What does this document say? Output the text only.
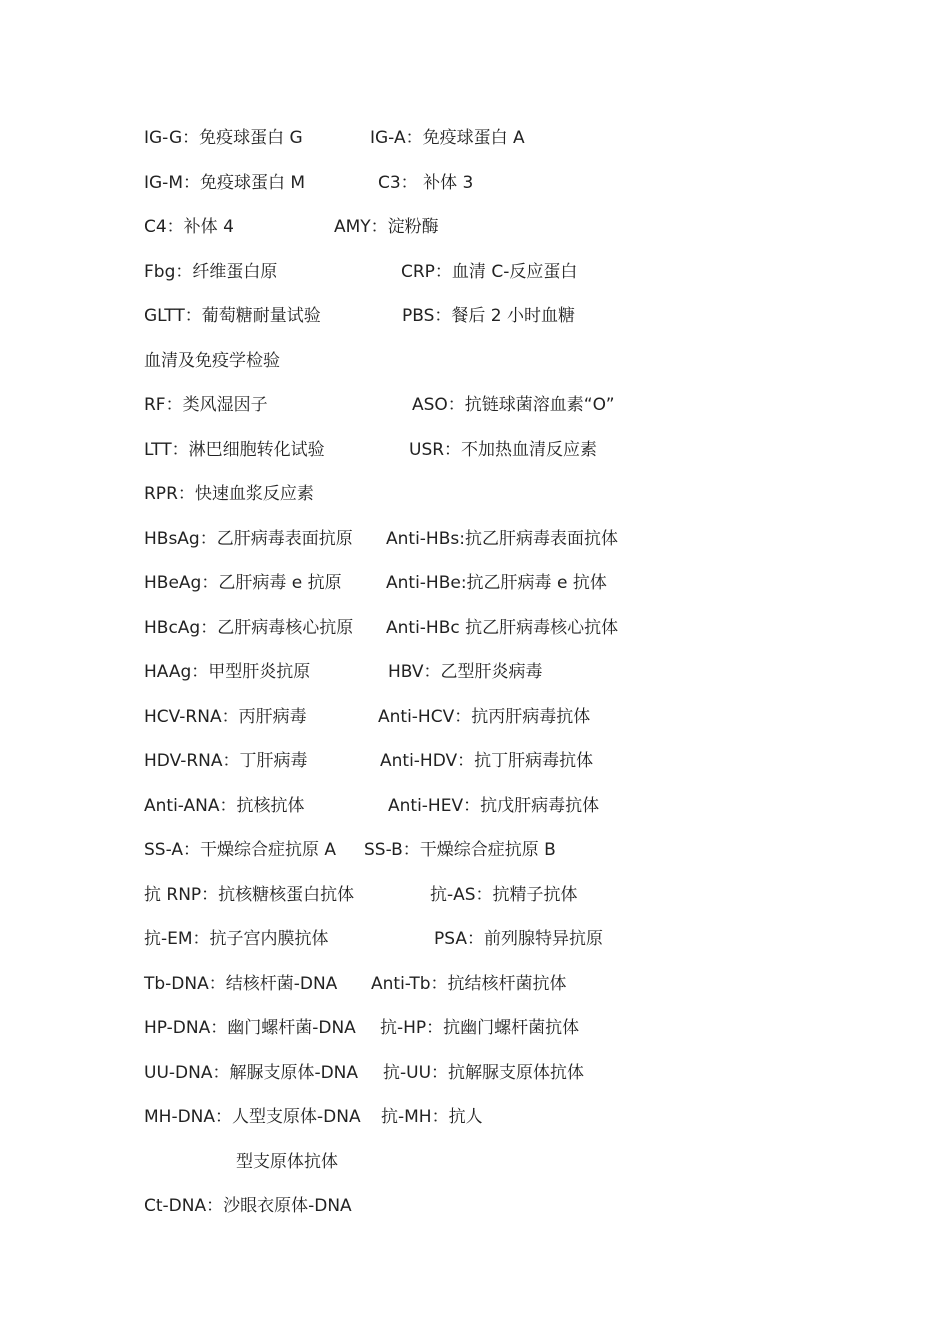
IG-G：免疫球蛋白 G	IG-A：免疫球蛋白 A
IG-M：免疫球蛋白 M	C3： 补体 3
C4：补体 4	AMY：淀粉酶
Fbg：纤维蛋白原	CRP：血清 C-反应蛋白
GLTT：葡萄糖耐量试验	PBS：餐后 2 小时血糖
血清及免疫学检验
RF：类风湿因子	ASO：抗链球菌溶血素“O”
LTT：淋巴细胞转化试验	USR：不加热血清反应素
RPR：快速血浆反应素
HBsAg：乙肝病毒表面抗原 Anti-HBs:抗乙肝病毒表面抗体
HBeAg：乙肝病毒 e 抗原	Anti-HBe:抗乙肝病毒 e 抗体
HBcAg：乙肝病毒核心抗原 Anti-HBc 抗乙肝病毒核心抗体
HAAg：甲型肝炎抗原	HBV：乙型肝炎病毒
HCV-RNA：丙肝病毒	Anti-HCV：抗丙肝病毒抗体
HDV-RNA：丁肝病毒	Anti-HDV：抗丁肝病毒抗体
Anti-ANA：抗核抗体	Anti-HEV：抗戊肝病毒抗体
SS-A：干燥综合症抗原 A SS-B：干燥综合症抗原 B
抗 RNP：抗核糖核蛋白抗体	抗-AS：抗精子抗体
抗-EM：抗子宫内膜抗体	PSA：前列腺特异抗原
Tb-DNA：结核杆菌-DNA Anti-Tb：抗结核杆菌抗体
HP-DNA：幽门螺杆菌-DNA 抗-HP：抗幽门螺杆菌抗体
UU-DNA：解脲支原体-DNA 抗-UU：抗解脲支原体抗体
MH-DNA：人型支原体-DNA 抗-MH：抗人
型支原体抗体
Ct-DNA：沙眼衣原体-DNA
